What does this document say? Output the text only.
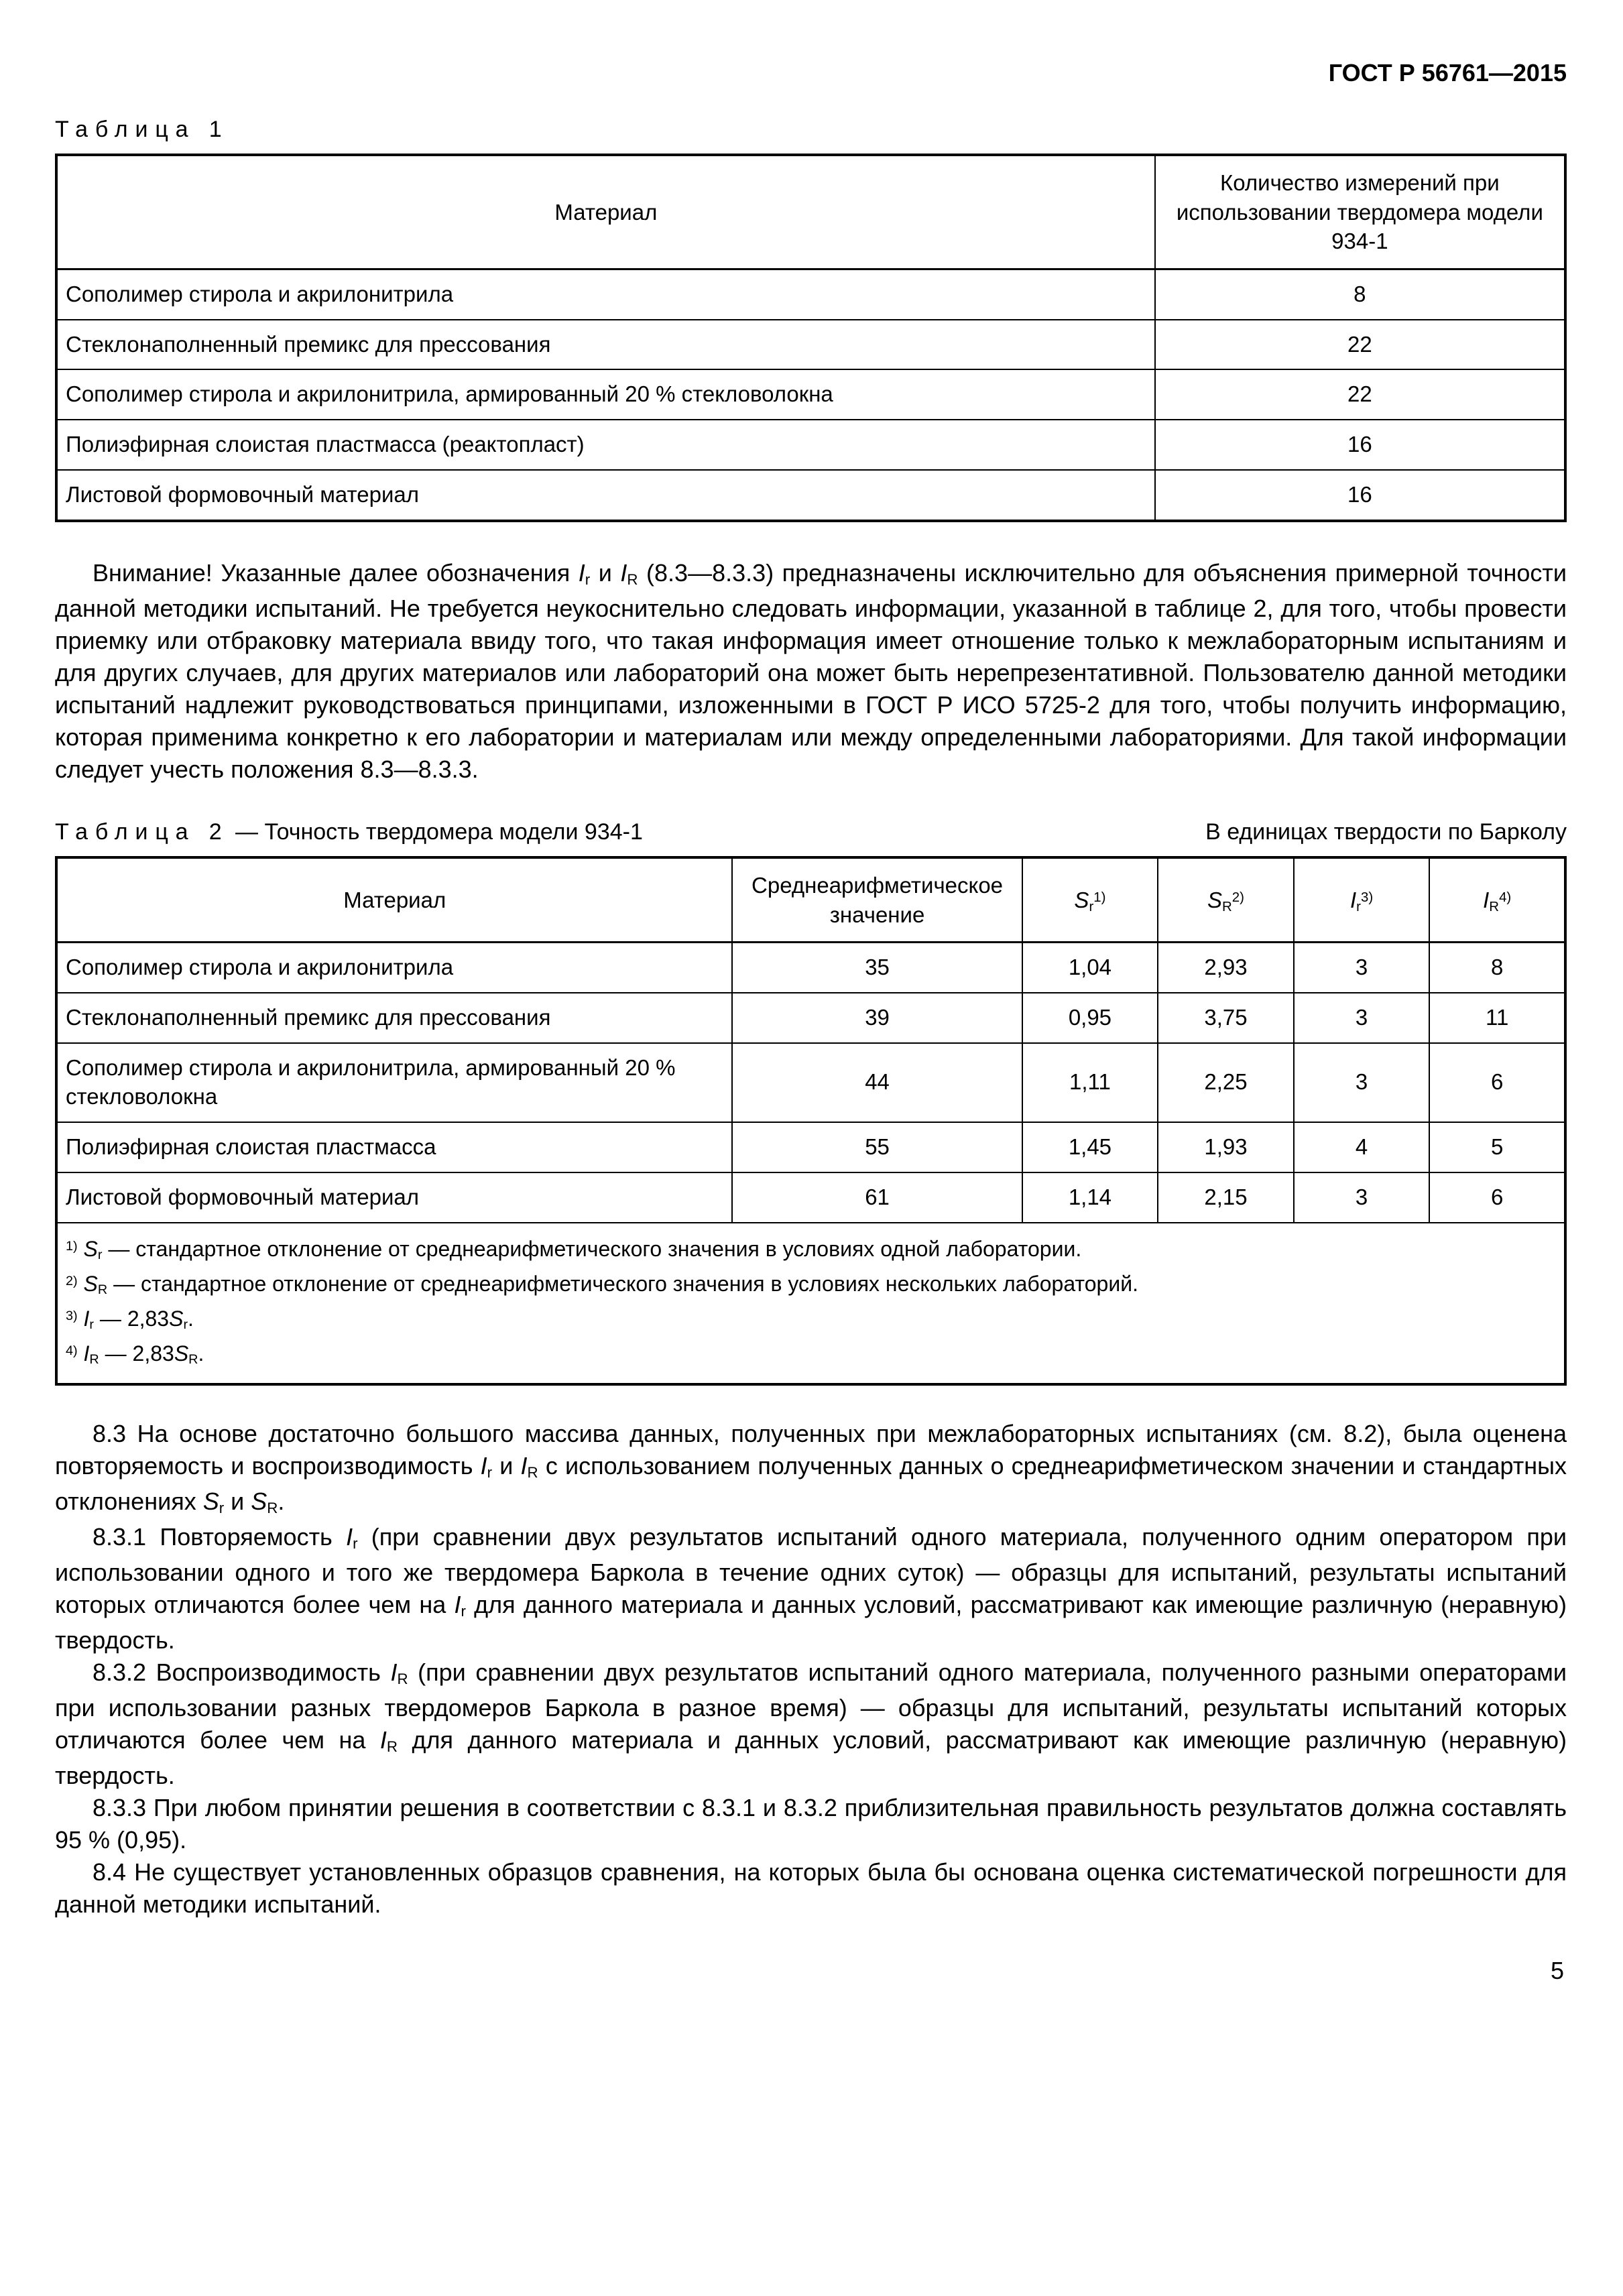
ГОСТ Р 56761—2015
Таблица 1
Материал	Количество измерений при использовании твердомера модели 934-1
Сополимер стирола и акрилонитрила	8
Стеклонаполненный премикс для прессования	22
Сополимер стирола и акрилонитрила, армированный 20 % стекловолокна	22
Полиэфирная слоистая пластмасса (реактопласт)	16
Листовой формовочный материал	16

Внимание! Указанные далее обозначения $I_r$ и $I_R$ (8.3—8.3.3) предназначены исключительно для объяснения примерной точности данной методики испытаний. Не требуется неукоснительно следовать информации, указанной в таблице 2, для того, чтобы провести приемку или отбраковку материала ввиду того, что такая информация имеет отношение только к межлабораторным испытаниям и для других случаев, для других материалов или лабораторий она может быть нерепрезентативной. Пользователю данной методики испытаний надлежит руководствоваться принципами, изложенными в ГОСТ Р ИСО 5725-2 для того, чтобы получить информацию, которая применима конкретно к его лаборатории и материалам или между определенными лабораториями. Для такой информации следует учесть положения 8.3—8.3.3.

Таблица 2 — Точность твердомера модели 934-1	В единицах твердости по Барколу
Материал	Среднеарифметическое значение	$S_r^{1)}$	$S_R^{2)}$	$I_r^{3)}$	$I_R^{4)}$
Сополимер стирола и акрилонитрила	35	1,04	2,93	3	8
Стеклонаполненный премикс для прессования	39	0,95	3,75	3	11
Сополимер стирола и акрилонитрила, армированный 20 % стекловолокна	44	1,11	2,25	3	6
Полиэфирная слоистая пластмасса	55	1,45	1,93	4	5
Листовой формовочный материал	61	1,14	2,15	3	6

$^{1)}$ $S_r$ — стандартное отклонение от среднеарифметического значения в условиях одной лаборатории.
$^{2)}$ $S_R$ — стандартное отклонение от среднеарифметического значения в условиях нескольких лабораторий.
$^{3)}$ $I_r$ — $2,83S_r$.
$^{4)}$ $I_R$ — $2,83S_R$.					

8.3 На основе достаточно большого массива данных, полученных при межлабораторных испытаниях (см. 8.2), была оценена повторяемость и воспроизводимость $I_r$ и $I_R$ с использованием полученных данных о среднеарифметическом значении и стандартных отклонениях $S_r$ и $S_R$.

8.3.1 Повторяемость $I_r$ (при сравнении двух результатов испытаний одного материала, полученного одним оператором при использовании одного и того же твердомера Баркола в течение одних суток) — образцы для испытаний, результаты испытаний которых отличаются более чем на $I_r$ для данного материала и данных условий, рассматривают как имеющие различную (неравную) твердость.

8.3.2 Воспроизводимость $I_R$ (при сравнении двух результатов испытаний одного материала, полученного разными операторами при использовании разных твердомеров Баркола в разное время) — образцы для испытаний, результаты испытаний которых отличаются более чем на $I_R$ для данного материала и данных условий, рассматривают как имеющие различную (неравную) твердость.

8.3.3 При любом принятии решения в соответствии с 8.3.1 и 8.3.2 приблизительная правильность результатов должна составлять 95 % (0,95).

8.4 Не существует установленных образцов сравнения, на которых была бы основана оценка систематической погрешности для данной методики испытаний.

5
